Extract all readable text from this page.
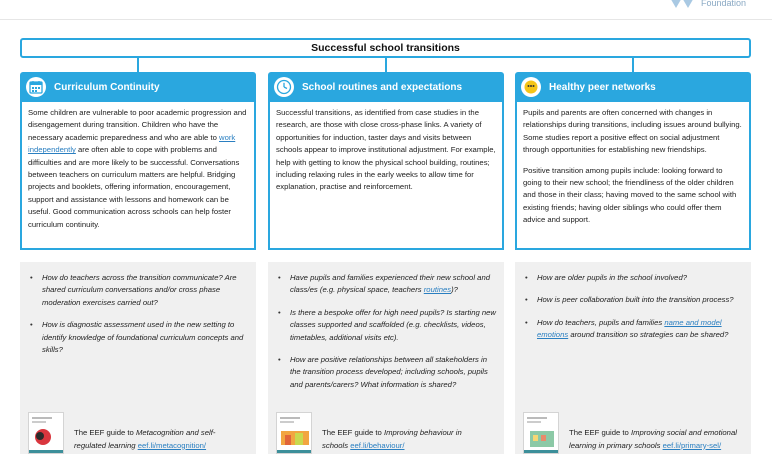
Foundation
Successful school transitions
Curriculum Continuity

Some children are vulnerable to poor academic progression and disengagement during transition. Children who have the necessary academic preparedness and who are able to work independently are often able to cope with problems and difficulties and are more likely to be successful. Conversations between teachers on curriculum matters are helpful. Bridging projects and booklets, offering information, encouragement, support and assistance with lessons and homework can be useful. Good communication across schools can help foster curriculum continuity.

• How do teachers across the transition communicate? Are shared curriculum conversations and/or cross phase moderation exercises carried out?
• How is diagnostic assessment used in the new setting to identify knowledge of foundational curriculum concepts and skills?
The EEF guide to Metacognition and self-regulated learning eef.li/metacognition/
School routines and expectations

Successful transitions, as identified from case studies in the research, are those with close cross-phase links. A variety of opportunities for induction, taster days and visits between schools appear to improve institutional adjustment. For example, help with getting to know the physical school building, routines; including relaxing rules in the early weeks to allow time for explanation, practise and reinforcement.

• Have pupils and families experienced their new school and class/es (e.g. physical space, teachers routines)?
• Is there a bespoke offer for high need pupils? Is starting new classes supported and scaffolded (e.g. checklists, videos, timetables, additional visits etc).
• How are positive relationships between all stakeholders in the transition process developed; including schools, pupils and parents/carers? What information is shared?
The EEF guide to Improving behaviour in schools eef.li/behaviour/
Healthy peer networks

Pupils and parents are often concerned with changes in relationships during transitions, including issues around bullying. Some studies report a positive effect on social adjustment through opportunities for establishing new friendships.

Positive transition among pupils include: looking forward to going to their new school; the friendliness of the older children and those in their class; having moved to the same school with existing friends; having older siblings who could offer them advice and support.

• How are older pupils in the school involved?
• How is peer collaboration built into the transition process?
• How do teachers, pupils and families name and model emotions around transition so strategies can be shared?
The EEF guide to Improving social and emotional learning in primary schools eef.li/primary-sel/
